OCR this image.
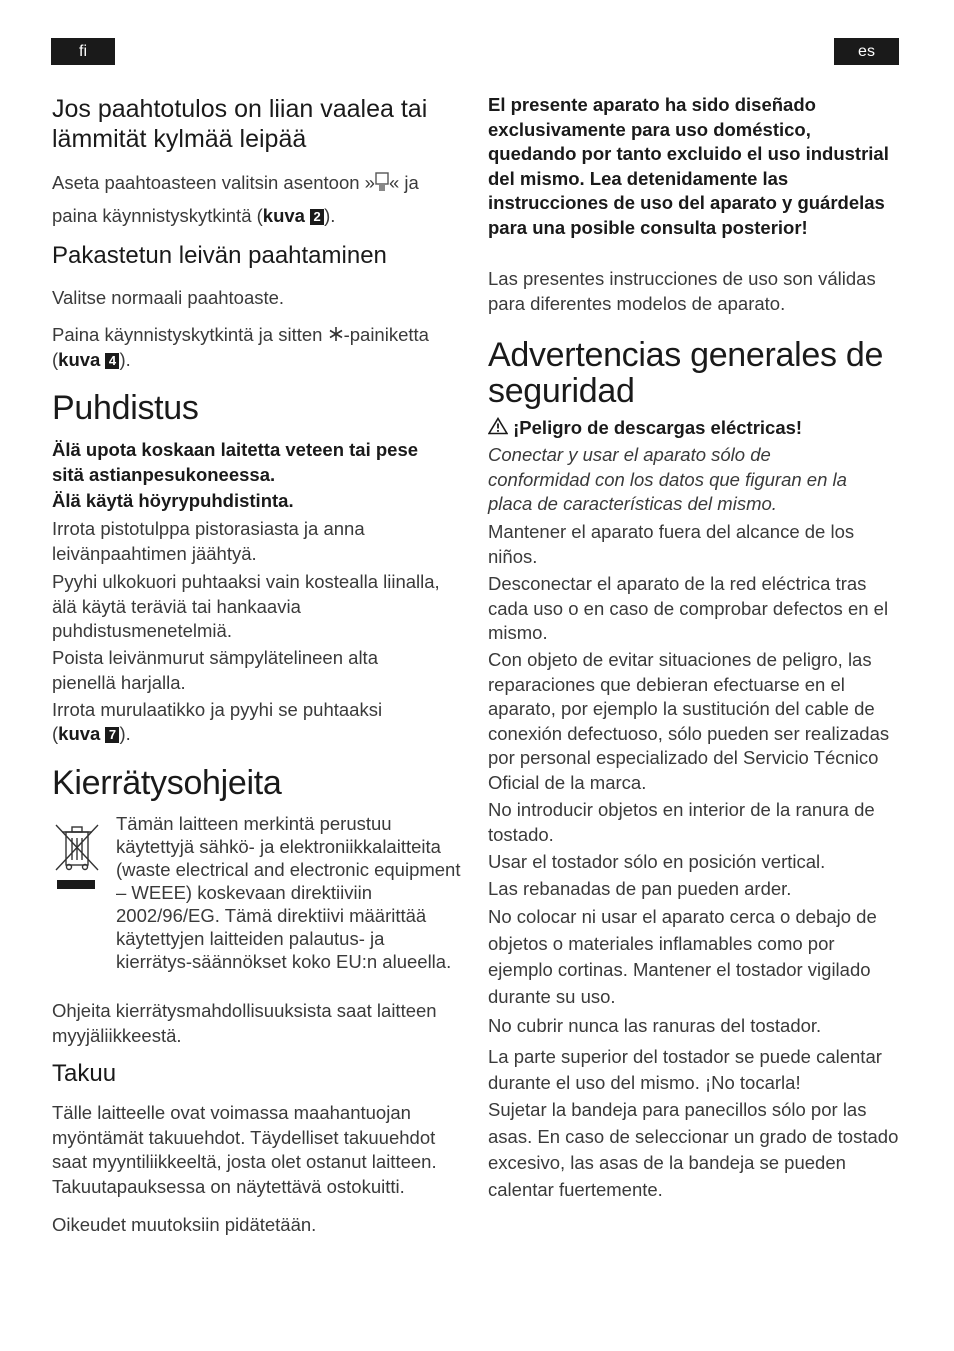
fi	es
Jos paahtotulos on liian vaalea tai lämmität kylmää leipää

Aseta paahtoasteen valitsin asentoon » « ja

paina käynnistyskytkintä (kuva 2 ).

Pakastetun leivän paahtaminen

Valitse normaali paahtoaste.

Paina käynnistyskytkintä ja sitten -painiketta

(kuva 4 ).

Puhdistus

Älä upota koskaan laitetta veteen tai pese sitä astianpesukoneessa.

Älä käytä höyrypuhdistinta.

Irrota pistotulppa pistorasiasta ja anna leivänpaahtimen jäähtyä.

Pyyhi ulkokuori puhtaaksi vain kostealla liinalla, älä käytä teräviä tai hankaavia puhdistusmenetelmiä.

Poista leivänmurut sämpylätelineen alta pienellä harjalla.

Irrota murulaatikko ja pyyhi se puhtaaksi

(kuva 7 ).

Kierrätysohjeita

Tämän laitteen merkintä perustuu käytettyjä sähkö- ja elektroniikkalaitteita (waste electrical and electronic equipment – WEEE) koskevaan direktiiviin 2002/96/EG. Tämä direktiivi määrittää käytettyjen laitteiden palautus- ja kierrätys-säännökset koko EU:n alueella.

Ohjeita kierrätysmahdollisuuksista saat laitteen myyjäliikkeestä.

Takuu

Tälle laitteelle ovat voimassa maahantuojan myöntämät takuuehdot. Täydelliset takuuehdot saat myyntiliikkeeltä, josta olet ostanut laitteen. Takuutapauksessa on näytettävä ostokuitti.

Oikeudet muutoksiin pidätetään.

El presente aparato ha sido diseñado exclusivamente para uso doméstico, quedando por tanto excluido el uso industrial del mismo. Lea detenidamente las instrucciones de uso del aparato y guárdelas para una posible consulta posterior!

Las presentes instrucciones de uso son válidas para diferentes modelos de aparato.

Advertencias generales de seguridad

¡Peligro de descargas eléctricas!

Conectar y usar el aparato sólo de conformidad con los datos que figuran en la placa de características del mismo.

Mantener el aparato fuera del alcance de los niños.

Desconectar el aparato de la red eléctrica tras cada uso o en caso de comprobar defectos en el mismo.

Con objeto de evitar situaciones de peligro, las reparaciones que debieran efectuarse en el aparato, por ejemplo la sustitución del cable de conexión defectuoso, sólo pueden ser realizadas por personal especializado del Servicio Técnico Oficial de la marca.

No introducir objetos en interior de la ranura de tostado.

Usar el tostador sólo en posición vertical.

Las rebanadas de pan pueden arder.

No colocar ni usar el aparato cerca o debajo de objetos o materiales inflamables como por ejemplo cortinas. Mantener el tostador vigilado durante su uso.

No cubrir nunca las ranuras del tostador.

La parte superior del tostador se puede calentar durante el uso del mismo. ¡No tocarla!

Sujetar la bandeja para panecillos sólo por las asas. En caso de seleccionar un grado de tostado excesivo, las asas de la bandeja se pueden calentar fuertemente.
